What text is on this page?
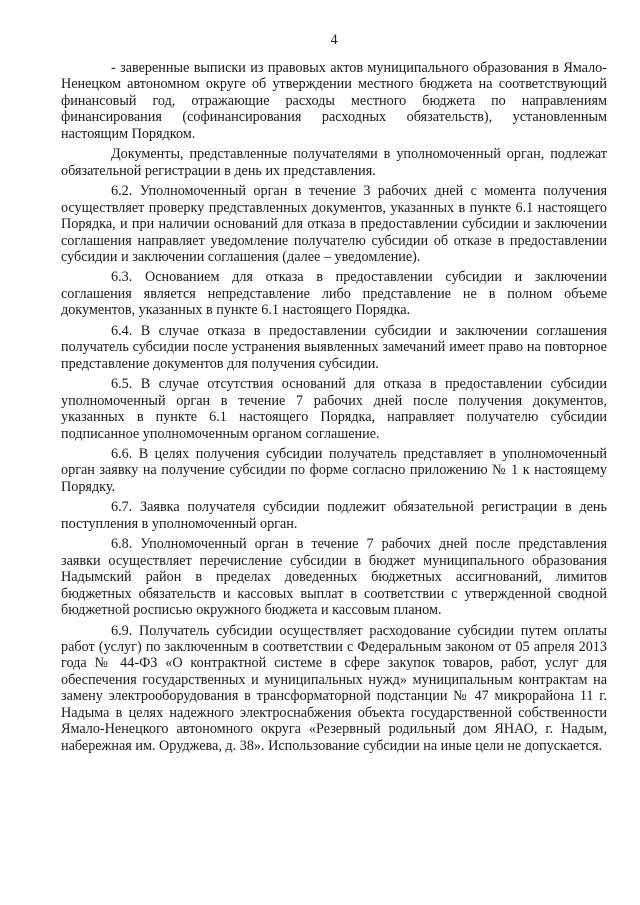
4

- заверенные выписки из правовых актов муниципального образования в Ямало-Ненецком автономном округе об утверждении местного бюджета на соответствующий финансовый год, отражающие расходы местного бюджета по направлениям финансирования (софинансирования расходных обязательств), установленным настоящим Порядком.

Документы, представленные получателями в уполномоченный орган, подлежат обязательной регистрации в день их представления.

6.2. Уполномоченный орган в течение 3 рабочих дней с момента получения осуществляет проверку представленных документов, указанных в пункте 6.1 настоящего Порядка, и при наличии оснований для отказа в предоставлении субсидии и заключении соглашения направляет уведомление получателю субсидии об отказе в предоставлении субсидии и заключении соглашения (далее – уведомление).

6.3. Основанием для отказа в предоставлении субсидии и заключении соглашения является непредставление либо представление не в полном объеме документов, указанных в пункте 6.1 настоящего Порядка.

6.4. В случае отказа в предоставлении субсидии и заключении соглашения получатель субсидии после устранения выявленных замечаний имеет право на повторное представление документов для получения субсидии.

6.5. В случае отсутствия оснований для отказа в предоставлении субсидии уполномоченный орган в течение 7 рабочих дней после получения документов, указанных в пункте 6.1 настоящего Порядка, направляет получателю субсидии подписанное уполномоченным органом соглашение.

6.6. В целях получения субсидии получатель представляет в уполномоченный орган заявку на получение субсидии по форме согласно приложению № 1 к настоящему Порядку.

6.7. Заявка получателя субсидии подлежит обязательной регистрации в день поступления в уполномоченный орган.

6.8. Уполномоченный орган в течение 7 рабочих дней после представления заявки осуществляет перечисление субсидии в бюджет муниципального образования Надымский район в пределах доведенных бюджетных ассигнований, лимитов бюджетных обязательств и кассовых выплат в соответствии с утвержденной сводной бюджетной росписью окружного бюджета и кассовым планом.

6.9. Получатель субсидии осуществляет расходование субсидии путем оплаты работ (услуг) по заключенным в соответствии с Федеральным законом от 05 апреля 2013 года № 44-ФЗ «О контрактной системе в сфере закупок товаров, работ, услуг для обеспечения государственных и муниципальных нужд» муниципальным контрактам на замену электрооборудования в трансформаторной подстанции № 47 микрорайона 11 г. Надыма в целях надежного электроснабжения объекта государственной собственности Ямало-Ненецкого автономного округа «Резервный родильный дом ЯНАО, г. Надым, набережная им. Оруджева, д. 38». Использование субсидии на иные цели не допускается.
